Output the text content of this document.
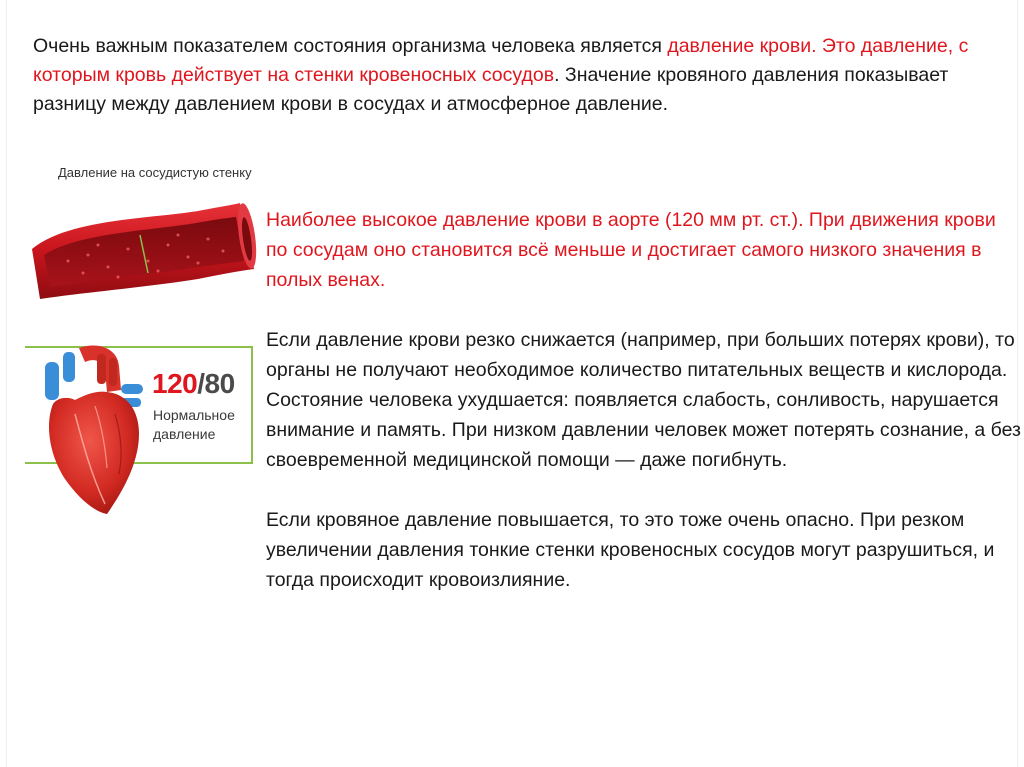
Очень важным показателем состояния организма человека является давление крови. Это давление, с которым кровь действует на стенки кровеносных сосудов. Значение кровяного давления показывает разницу между давлением крови в сосудах и атмосферное давление.
Давление на сосудистую стенку
120/80
Нормальное давление

Наиболее высокое давление крови в аорте (120 мм рт. ст.). При движения крови по сосудам оно становится всё меньше и достигает самого низкого значения в полых венах.

Если давление крови резко снижается (например, при больших потерях крови), то органы не получают необходимое количество питательных веществ и кислорода. Состояние человека ухудшается: появляется слабость, сонливость, нарушается внимание и память. При низком давлении человек может потерять сознание, а без своевременной медицинской помощи — даже погибнуть.

Если кровяное давление повышается, то это тоже очень опасно. При резком увеличении давления тонкие стенки кровеносных сосудов могут разрушиться, и тогда происходит кровоизлияние.
